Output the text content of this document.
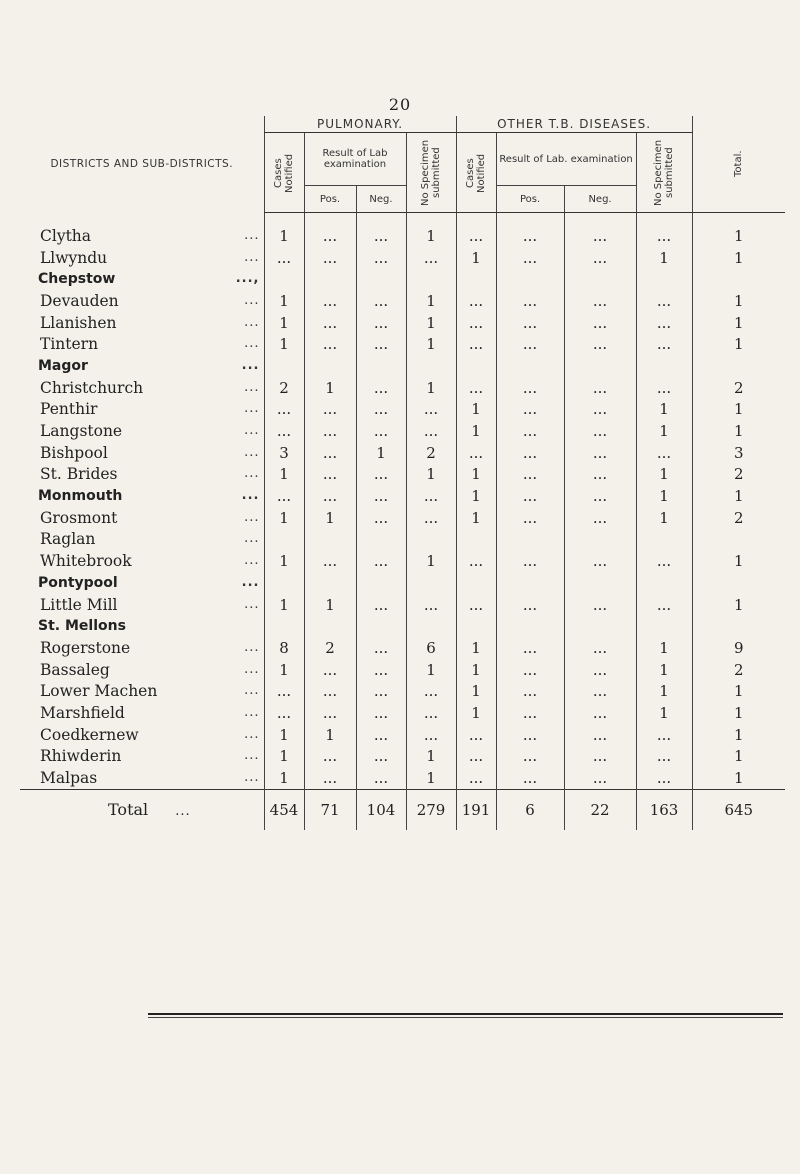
20
DISTRICTS AND SUB-DISTRICTS.	PULMONARY.				OTHER T.B. DISEASES.				Total.

	Cases Notified	Result of Lab examination		No Specimen submitted	Cases Notified	Result of Lab. examination		No Specimen submitted	

		Pos.	Neg.			Pos.	Neg.		
Clytha ...	1	...	...	1	...	...	...	...	1
Llwyndu ...	...	...	...	...	1	...	...	1	1
Chepstow ...,									

Devauden ...	1	...	...	1	...	...	...	...	1
Llanishen ...	1	...	...	1	...	...	...	...	1
Tintern ...	1	...	...	1	...	...	...	...	1
Magor ...									

Christchurch ...	2	1	...	1	...	...	...	...	2
Penthir ...	...	...	...	...	1	...	...	1	1
Langstone ...	...	...	...	...	1	...	...	1	1
Bishpool ...	3	...	1	2	...	...	...	...	3
St. Brides ...	1	...	...	1	1	...	...	1	2
Monmouth ...	...	...	...	...	1	...	...	1	1
Grosmont ...	1	1	...	...	1	...	...	1	2
Raglan ...									

Whitebrook ...	1	...	...	1	...	...	...	...	1
Pontypool ...									

Little Mill ...	1	1	...	...	...	...	...	...	1
St. Mellons

Rogerstone ...	8	2	...	6	1	...	...	1	9
Bassaleg ...	1	...	...	1	1	...	...	1	2
Lower Machen ...	...	...	...	...	1	...	...	1	1
Marshfield ...	...	...	...	...	1	...	...	1	1
Coedkernew ...	1	1	...	...	...	...	...	...	1
Rhiwderin ...	1	...	...	1	...	...	...	...	1
Malpas ...	1	...	...	1	...	...	...	...	1
Total ...	454	71	104	279	191	6	22	163	645
